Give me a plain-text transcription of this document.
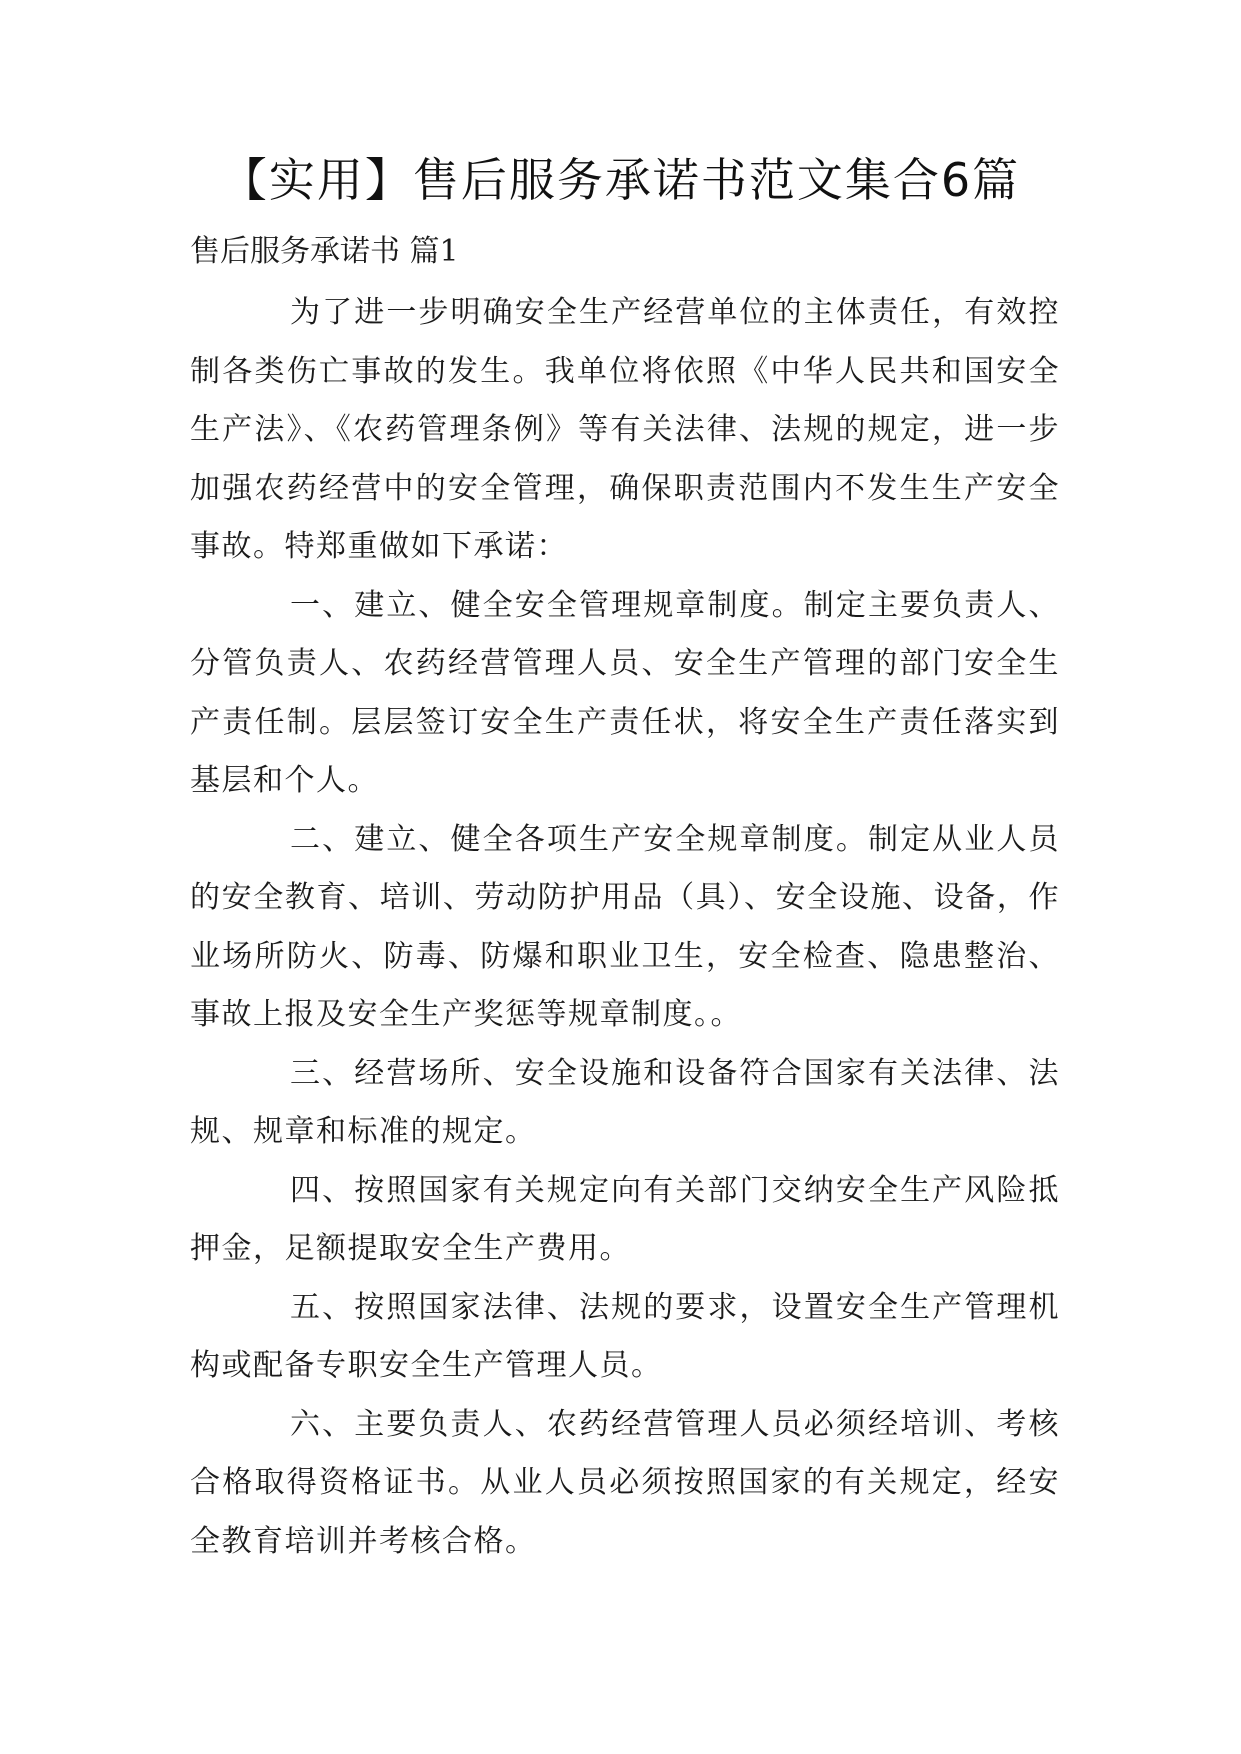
【实用】售后服务承诺书范文集合6篇
售后服务承诺书 篇1

为了进一步明确安全生产经营单位的主体责任，有效控制各类伤亡事故的发生。我单位将依照《中华人民共和国安全生产法》、《农药管理条例》等有关法律、法规的规定，进一步加强农药经营中的安全管理，确保职责范围内不发生生产安全事故。特郑重做如下承诺：

一、建立、健全安全管理规章制度。制定主要负责人、分管负责人、农药经营管理人员、安全生产管理的部门安全生产责任制。层层签订安全生产责任状，将安全生产责任落实到基层和个人。

二、建立、健全各项生产安全规章制度。制定从业人员的安全教育、培训、劳动防护用品（具）、安全设施、设备，作业场所防火、防毒、防爆和职业卫生，安全检查、隐患整治、事故上报及安全生产奖惩等规章制度。。

三、经营场所、安全设施和设备符合国家有关法律、法规、规章和标准的规定。

四、按照国家有关规定向有关部门交纳安全生产风险抵押金，足额提取安全生产费用。

五、按照国家法律、法规的要求，设置安全生产管理机构或配备专职安全生产管理人员。

六、主要负责人、农药经营管理人员必须经培训、考核合格取得资格证书。从业人员必须按照国家的有关规定，经安全教育培训并考核合格。
